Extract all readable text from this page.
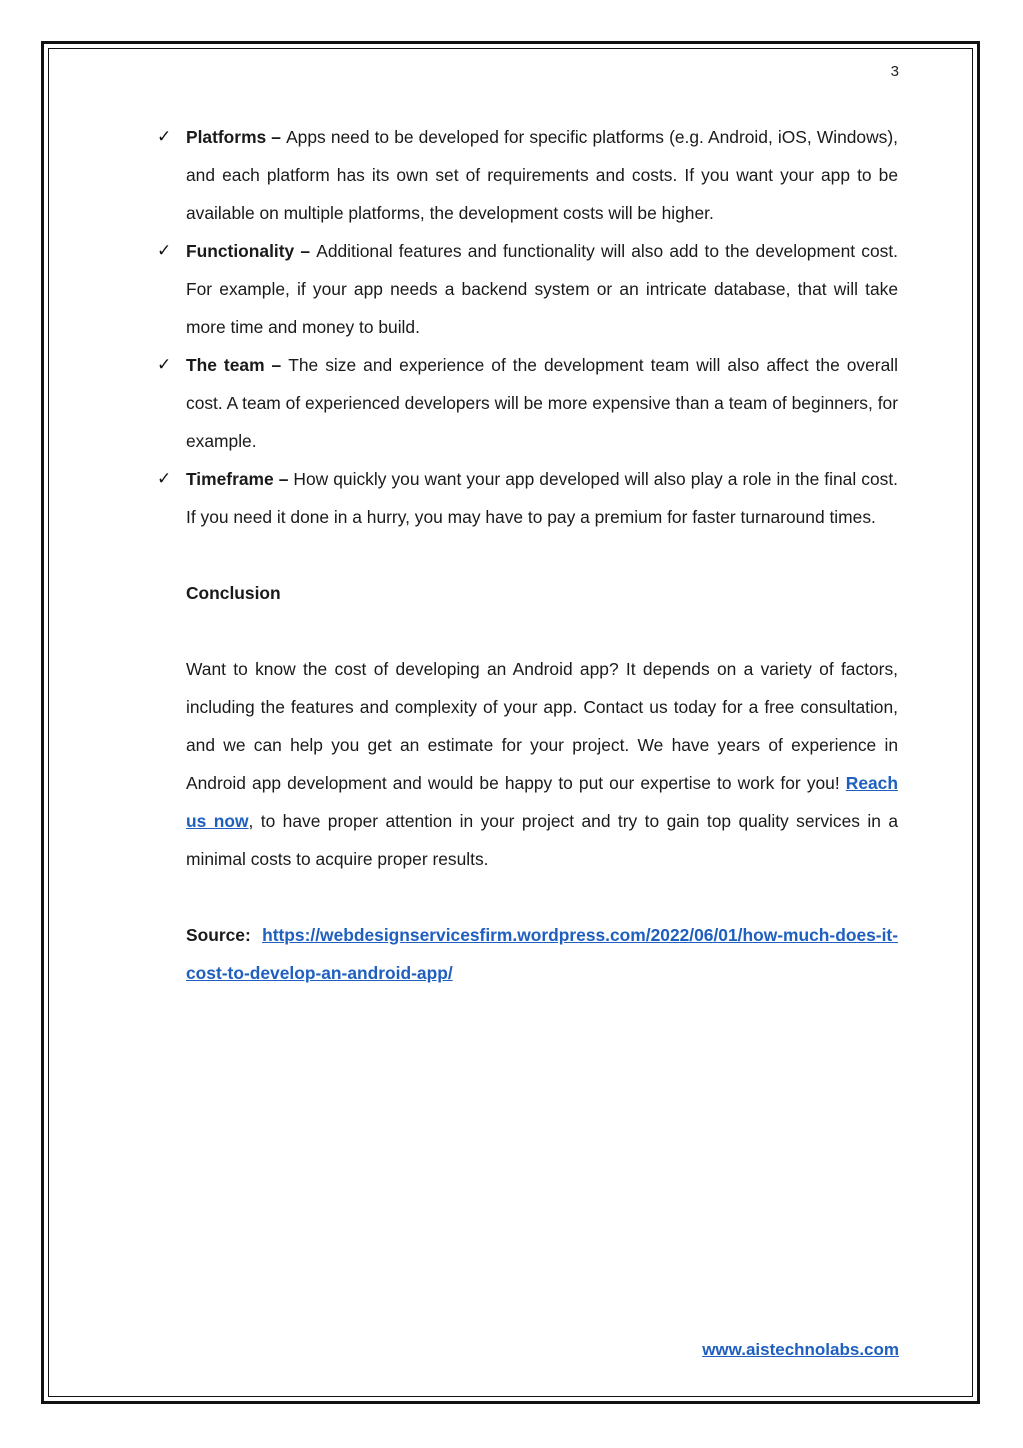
3
✓ Platforms – Apps need to be developed for specific platforms (e.g. Android, iOS, Windows), and each platform has its own set of requirements and costs. If you want your app to be available on multiple platforms, the development costs will be higher.
✓ Functionality – Additional features and functionality will also add to the development cost. For example, if your app needs a backend system or an intricate database, that will take more time and money to build.
✓ The team – The size and experience of the development team will also affect the overall cost. A team of experienced developers will be more expensive than a team of beginners, for example.
✓ Timeframe – How quickly you want your app developed will also play a role in the final cost. If you need it done in a hurry, you may have to pay a premium for faster turnaround times.
Conclusion
Want to know the cost of developing an Android app? It depends on a variety of factors, including the features and complexity of your app. Contact us today for a free consultation, and we can help you get an estimate for your project. We have years of experience in Android app development and would be happy to put our expertise to work for you! Reach us now, to have proper attention in your project and try to gain top quality services in a minimal costs to acquire proper results.
Source: https://webdesignservicesfirm.wordpress.com/2022/06/01/how-much-does-it-cost-to-develop-an-android-app/
www.aistechnolabs.com
